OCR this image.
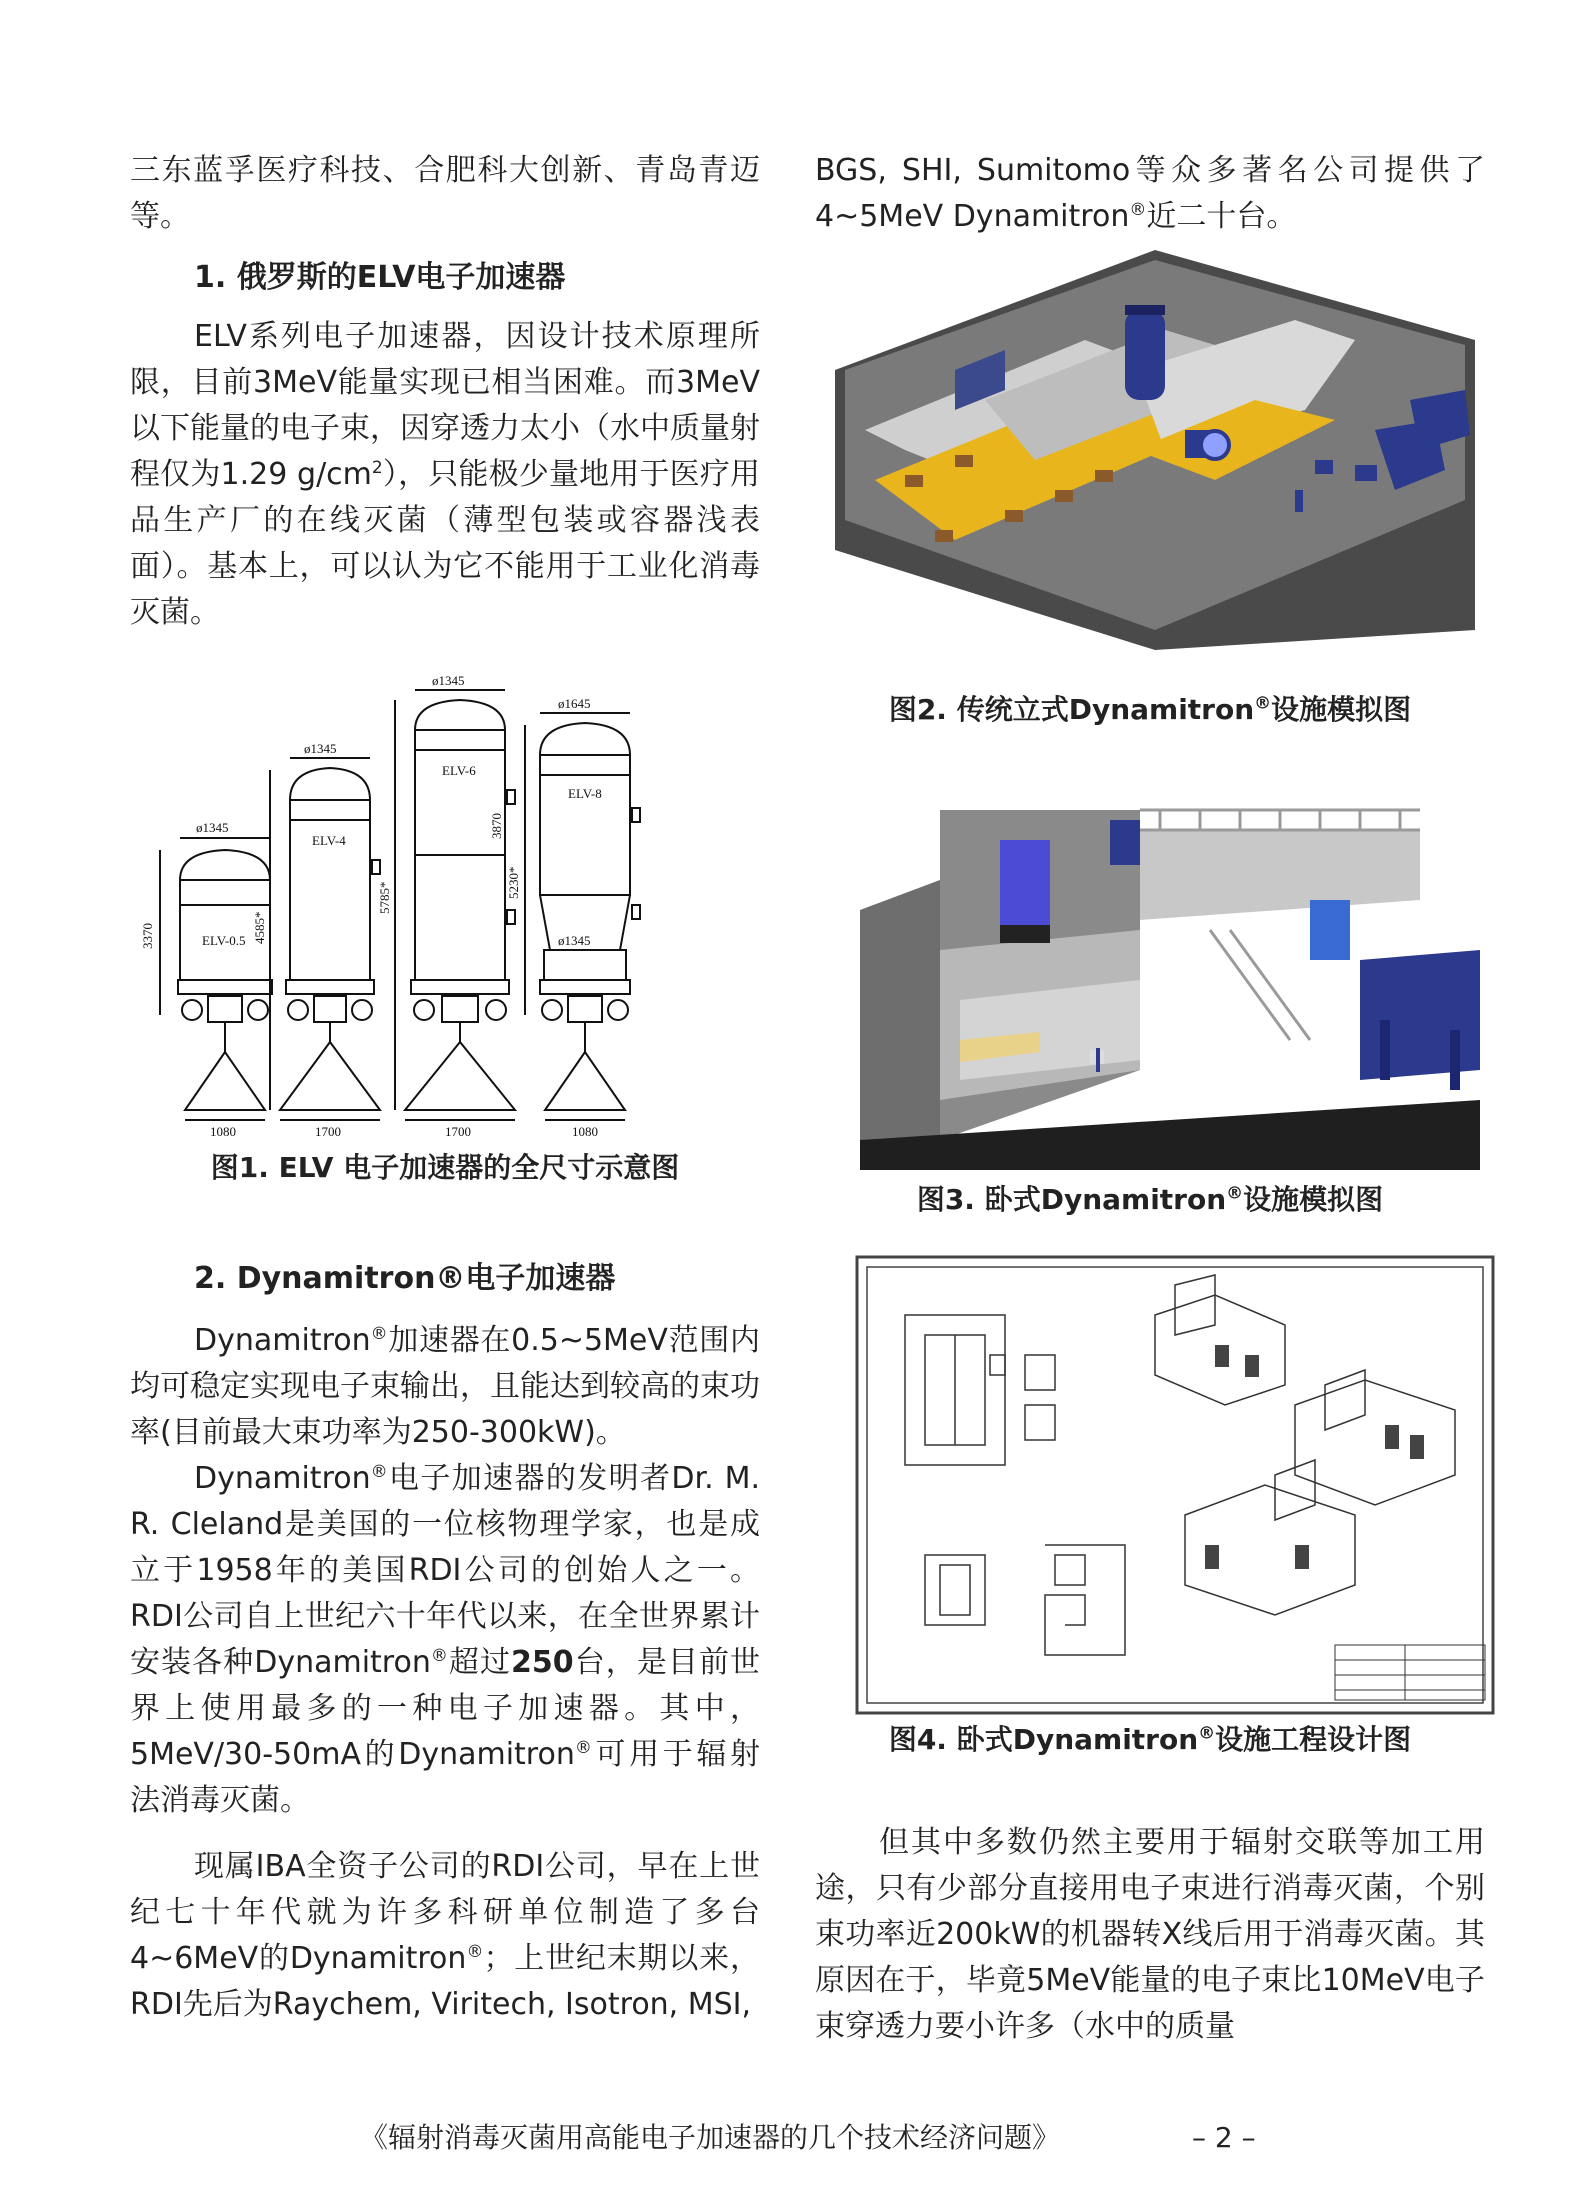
三东蓝孚医疗科技、合肥科大创新、青岛青迈等。

1. 俄罗斯的ELV电子加速器

ELV系列电子加速器，因设计技术原理所限，目前3MeV能量实现已相当困难。而3MeV以下能量的电子束，因穿透力太小（水中质量射程仅为1.29 $g/cm^2$），只能极少量地用于医疗用品生产厂的在线灭菌（薄型包装或容器浅表面）。基本上，可以认为它不能用于工业化消毒灭菌。

图1. ELV 电子加速器的全尺寸示意图

2. Dynamitron®电子加速器

Dynamitron®加速器在0.5~5MeV范围内均可稳定实现电子束输出，且能达到较高的束功率(目前最大束功率为250-300kW)。

Dynamitron®电子加速器的发明者Dr. M. R. Cleland是美国的一位核物理学家，也是成立于1958年的美国RDI公司的创始人之一。RDI公司自上世纪六十年代以来，在全世界累计安装各种Dynamitron®超过250台，是目前世界上使用最多的一种电子加速器。其中，5MeV/30-50mA的Dynamitron®可用于辐射法消毒灭菌。

现属IBA全资子公司的RDI公司，早在上世纪七十年代就为许多科研单位制造了多台4~6MeV的Dynamitron®；上世纪末期以来，RDI先后为Raychem, Viritech, Isotron, MSI,

ø1345
ELV-0.5
3370
1080
ø1345
ELV-4
4585*
1700
ø1345
ELV-6
5785*
1700
ø1645
ELV-8
5230*
3870
ø1345
1080

BGS, SHI, Sumitomo等众多著名公司提供了4~5MeV Dynamitron®近二十台。

图2. 传统立式Dynamitron®设施模拟图

图3. 卧式Dynamitron®设施模拟图

图4. 卧式Dynamitron®设施工程设计图

但其中多数仍然主要用于辐射交联等加工用途，只有少部分直接用电子束进行消毒灭菌，个别束功率近200kW的机器转X线后用于消毒灭菌。其原因在于，毕竟5MeV能量的电子束比10MeV电子束穿透力要小许多（水中的质量

《辐射消毒灭菌用高能电子加速器的几个技术经济问题》	– 2 –
